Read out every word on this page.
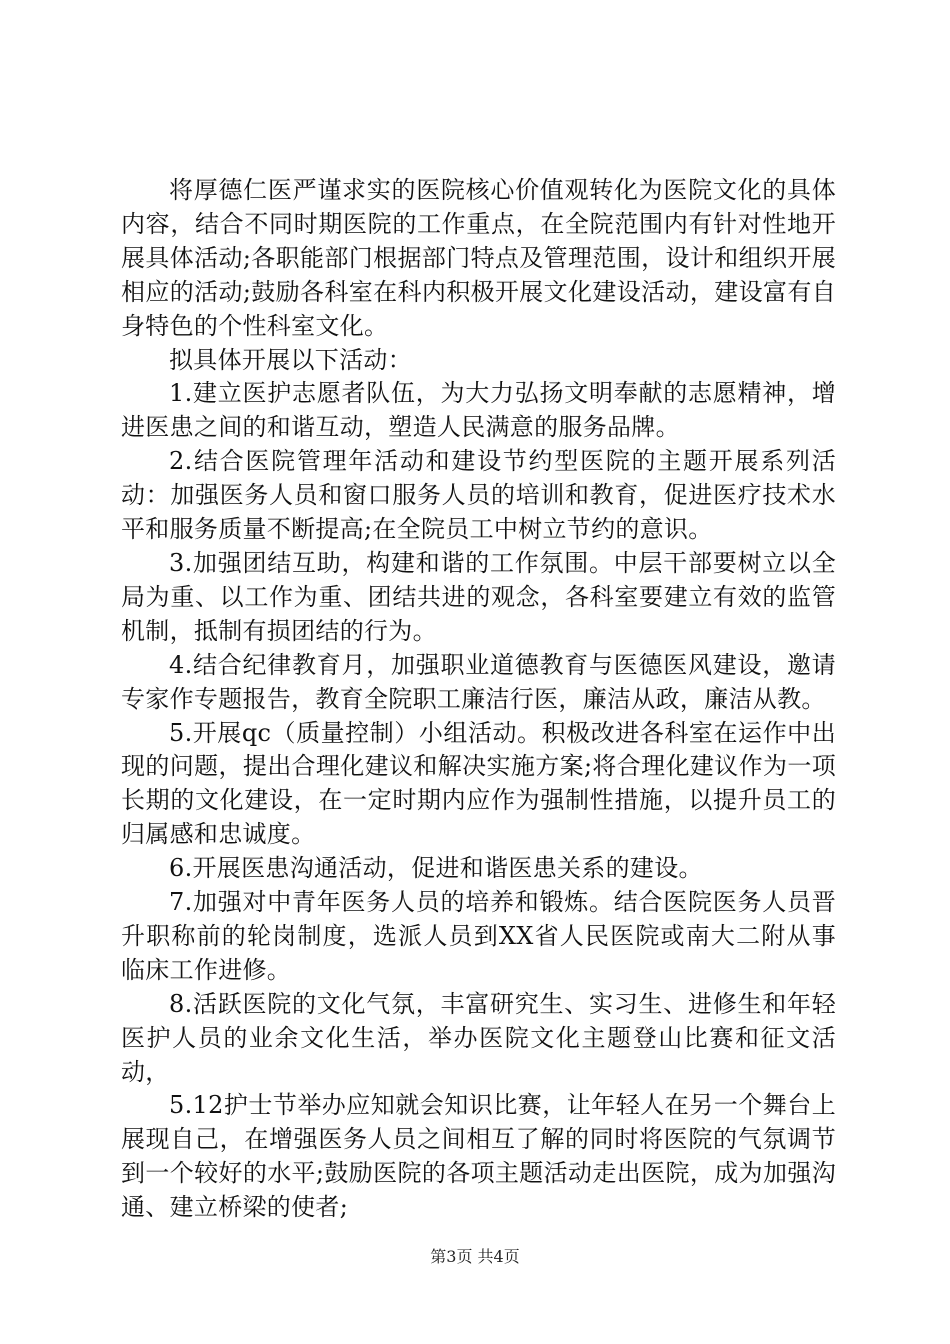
将厚德仁医严谨求实的医院核心价值观转化为医院文化的具体内容，结合不同时期医院的工作重点，在全院范围内有针对性地开展具体活动;各职能部门根据部门特点及管理范围，设计和组织开展相应的活动;鼓励各科室在科内积极开展文化建设活动，建设富有自身特色的个性科室文化。

拟具体开展以下活动：

1.建立医护志愿者队伍，为大力弘扬文明奉献的志愿精神，增进医患之间的和谐互动，塑造人民满意的服务品牌。

2.结合医院管理年活动和建设节约型医院的主题开展系列活动：加强医务人员和窗口服务人员的培训和教育，促进医疗技术水平和服务质量不断提高;在全院员工中树立节约的意识。

3.加强团结互助，构建和谐的工作氛围。中层干部要树立以全局为重、以工作为重、团结共进的观念，各科室要建立有效的监管机制，抵制有损团结的行为。

4.结合纪律教育月，加强职业道德教育与医德医风建设，邀请专家作专题报告，教育全院职工廉洁行医，廉洁从政，廉洁从教。

5.开展qc（质量控制）小组活动。积极改进各科室在运作中出现的问题，提出合理化建议和解决实施方案;将合理化建议作为一项长期的文化建设，在一定时期内应作为强制性措施，以提升员工的归属感和忠诚度。

6.开展医患沟通活动，促进和谐医患关系的建设。

7.加强对中青年医务人员的培养和锻炼。结合医院医务人员晋升职称前的轮岗制度，选派人员到XX省人民医院或南大二附从事临床工作进修。

8.活跃医院的文化气氛，丰富研究生、实习生、进修生和年轻医护人员的业余文化生活，举办医院文化主题登山比赛和征文活动，

5.12护士节举办应知就会知识比赛，让年轻人在另一个舞台上展现自己，在增强医务人员之间相互了解的同时将医院的气氛调节到一个较好的水平;鼓励医院的各项主题活动走出医院，成为加强沟通、建立桥梁的使者;

第3页 共4页
